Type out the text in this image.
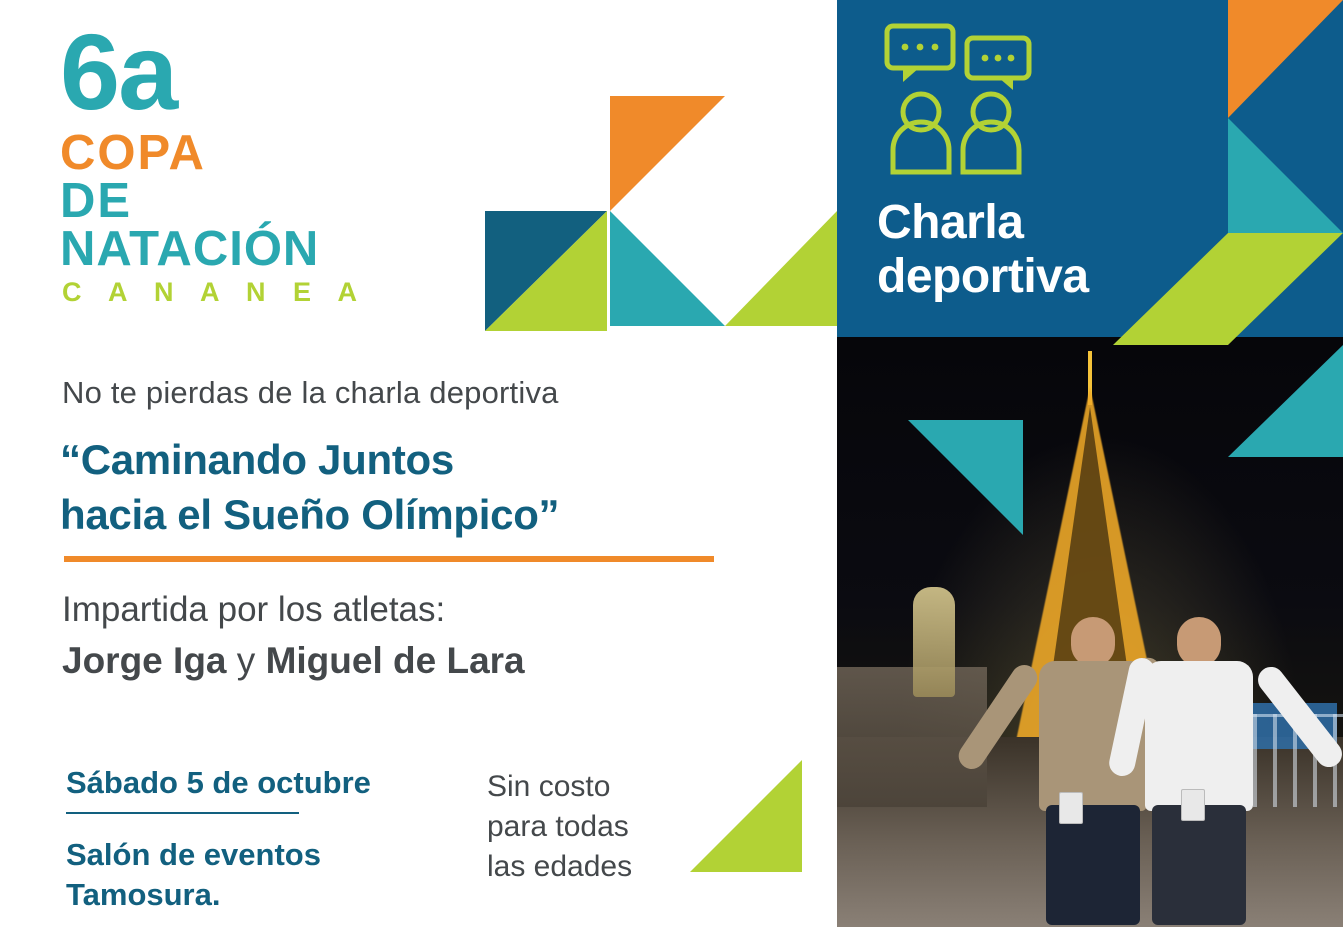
6a
COPA
DE
NATACIÓN
C A N A N E A
No te pierdas de la charla deportiva
“Caminando Juntos
hacia el Sueño Olímpico”
Impartida por los atletas:
Jorge Iga y Miguel de Lara
Sábado 5 de octubre
Salón de eventos
Tamosura.
Sin costo
para todas
las edades
Charla
deportiva
